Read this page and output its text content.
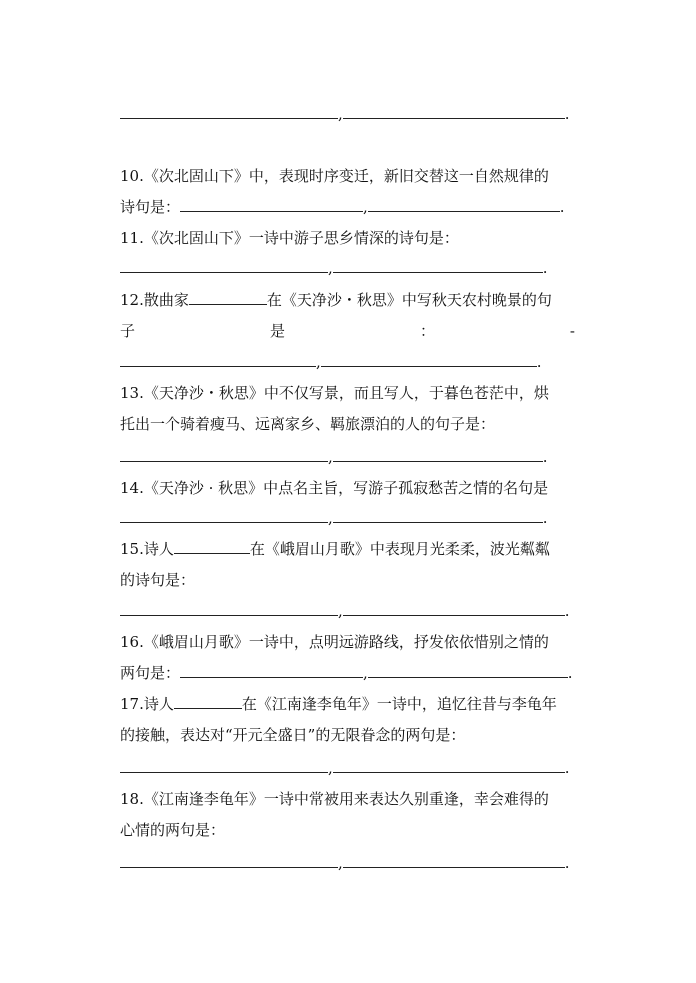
,	.
10.《次北固山下》中，表现时序变迁，新旧交替这一自然规律的
诗句是：	,	.
11.《次北固山下》一诗中游子思乡情深的诗句是：
,	.
12.散曲家	在《天净沙・秋思》中写秋天农村晚景的句
子	是	：	-
,	.
13.《天净沙・秋思》中不仅写景，而且写人，于暮色苍茫中，烘
托出一个骑着瘦马、远离家乡、羁旅漂泊的人的句子是：
,	.
14.《天净沙 · 秋思》中点名主旨，写游子孤寂愁苦之情的名句是
,	.
15.诗人	在《峨眉山月歌》中表现月光柔柔，波光粼粼
的诗句是：
,	.
16.《峨眉山月歌》一诗中，点明远游路线，抒发依依惜别之情的
两句是：	,	.
17.诗人	在《江南逢李龟年》一诗中，追忆往昔与李龟年
的接触，表达对“开元全盛日”的无限眷念的两句是：
,	.
18.《江南逢李龟年》一诗中常被用来表达久别重逢，幸会难得的
心情的两句是：
,	.
